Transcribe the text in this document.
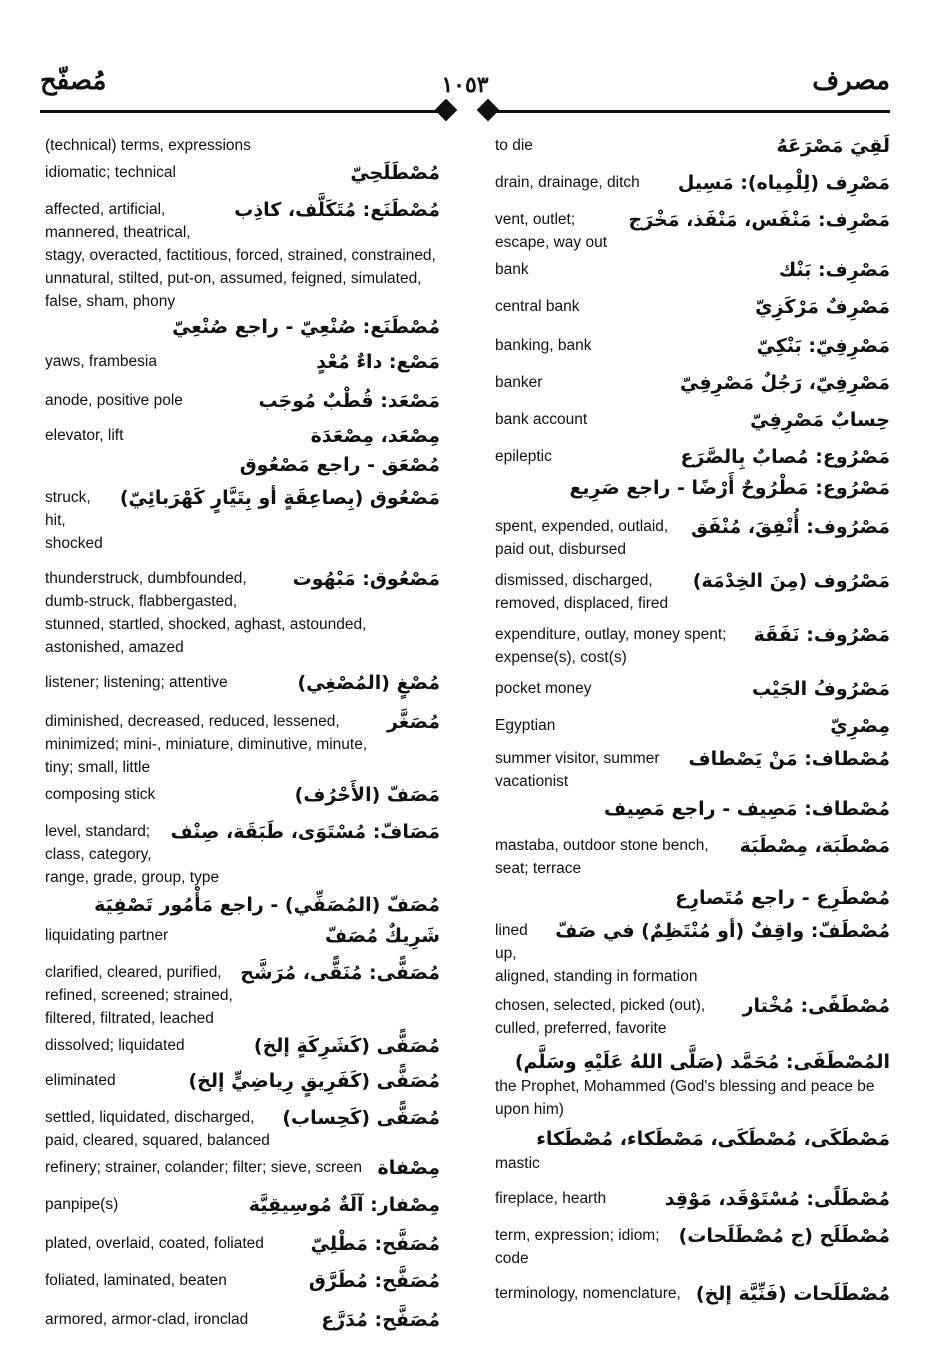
مُصفّح	١٠٥٣	مصرف
(technical) terms, expressions
مُصْطَلَحِيّ
idiomatic; technical
مُصْطَنَع: مُتَكَلَّف، كاذِب
affected, artificial, mannered, theatrical, stagy, overacted, factitious, forced, strained, constrained, unnatural, stilted, put-on, assumed, feigned, simulated, false, sham, phony
مُصْطَنَع: صُنْعِيّ - راجع صُنْعِيّ
مَصْع: داءٌ مُعْدٍ
yaws, frambesia
مَصْعَد: قُطْبٌ مُوجَب
anode, positive pole
مِصْعَد، مِصْعَدَة
elevator, lift
مُصْعَق - راجع مَصْعُوق
مَصْعُوق (بِصاعِقَةٍ أو بِتَيَّارٍ كَهْرَبائِيّ)
struck, hit, shocked
مَصْعُوق: مَبْهُوت
thunderstruck, dumbfounded, dumb-struck, flabbergasted, stunned, startled, shocked, aghast, astounded, astonished, amazed
مُصْغٍ (المُصْغِي)
listener; listening; attentive
مُصَغَّر
diminished, decreased, reduced, lessened, minimized; mini-, miniature, diminutive, minute, tiny; small, little
مَصَفّ (الأَحْرُف)
composing stick
مَصَافّ: مُسْتَوَى، طَبَقَة، صِنْف
level, standard; class, category, range, grade, group, type
مُصَفّ (المُصَفِّي) - راجع مَأْمُور تَصْفِيَة
شَرِيكٌ مُصَفّ
liquidating partner
مُصَفًّى: مُنَقًّى، مُرَشَّح
clarified, cleared, purified, refined, screened; strained, filtered, filtrated, leached
مُصَفًّى (كَشَرِكَةٍ إلخ)
dissolved; liquidated
مُصَفًّى (كَفَرِيقٍ رِياضِيٍّ إلخ)
eliminated
مُصَفًّى (كَحِساب)
settled, liquidated, discharged, paid, cleared, squared, balanced
مِصْفاة
refinery; strainer, colander; filter; sieve, screen
مِصْفار: آلَةٌ مُوسِيقِيَّة
panpipe(s)
مُصَفَّح: مَطْلِيّ
plated, overlaid, coated, foliated
مُصَفَّح: مُطَرَّق
foliated, laminated, beaten
مُصَفَّح: مُدَرَّع
armored, armor-clad, ironclad
لَقِيَ مَصْرَعَهُ
to die
مَصْرِف (لِلْمِياه): مَسِيل
drain, drainage, ditch
مَصْرِف: مَنْفَس، مَنْفَذ، مَخْرَج
vent, outlet; escape, way out
مَصْرِف: بَنْك
bank
مَصْرِفٌ مَرْكَزِيّ
central bank
مَصْرِفِيّ: بَنْكِيّ
banking, bank
مَصْرِفِيّ، رَجُلٌ مَصْرِفِيّ
banker
حِسابٌ مَصْرِفِيّ
bank account
مَصْرُوع: مُصابٌ بِالصَّرَع
epileptic
مَصْرُوع: مَطْرُوحٌ أَرْضًا - راجع صَرِيع
مَصْرُوف: أُنْفِقَ، مُنْفَق
spent, expended, outlaid, paid out, disbursed
مَصْرُوف (مِنَ الخِدْمَة)
dismissed, discharged, removed, displaced, fired
مَصْرُوف: نَفَقَة
expenditure, outlay, money spent; expense(s), cost(s)
مَصْرُوفُ الجَيْب
pocket money
مِصْرِيّ
Egyptian
مُصْطاف: مَنْ يَصْطاف
summer visitor, summer vacationist
مُصْطاف: مَصِيف - راجع مَصِيف
مَصْطَبَة، مِصْطَبَة
mastaba, outdoor stone bench, seat; terrace
مُصْطَرِع - راجع مُتَصارِع
مُصْطَفّ: واقِفٌ (أو مُنْتَظِمٌ) في صَفّ
lined up, aligned, standing in formation
مُصْطَفًى: مُخْتار
chosen, selected, picked (out), culled, preferred, favorite
المُصْطَفَى: مُحَمَّد (صَلَّى اللهُ عَلَيْهِ وسَلَّم)
the Prophet, Mohammed (God's blessing and peace be upon him)
مَصْطَكَى، مُصْطَكَى، مَصْطَكاء، مُصْطَكاء
mastic
مُصْطَلًى: مُسْتَوْقَد، مَوْقِد
fireplace, hearth
مُصْطَلَح (ج مُصْطَلَحات)
term, expression; idiom; code
مُصْطَلَحات (فَنِّيَّة إلخ)
terminology, nomenclature,
